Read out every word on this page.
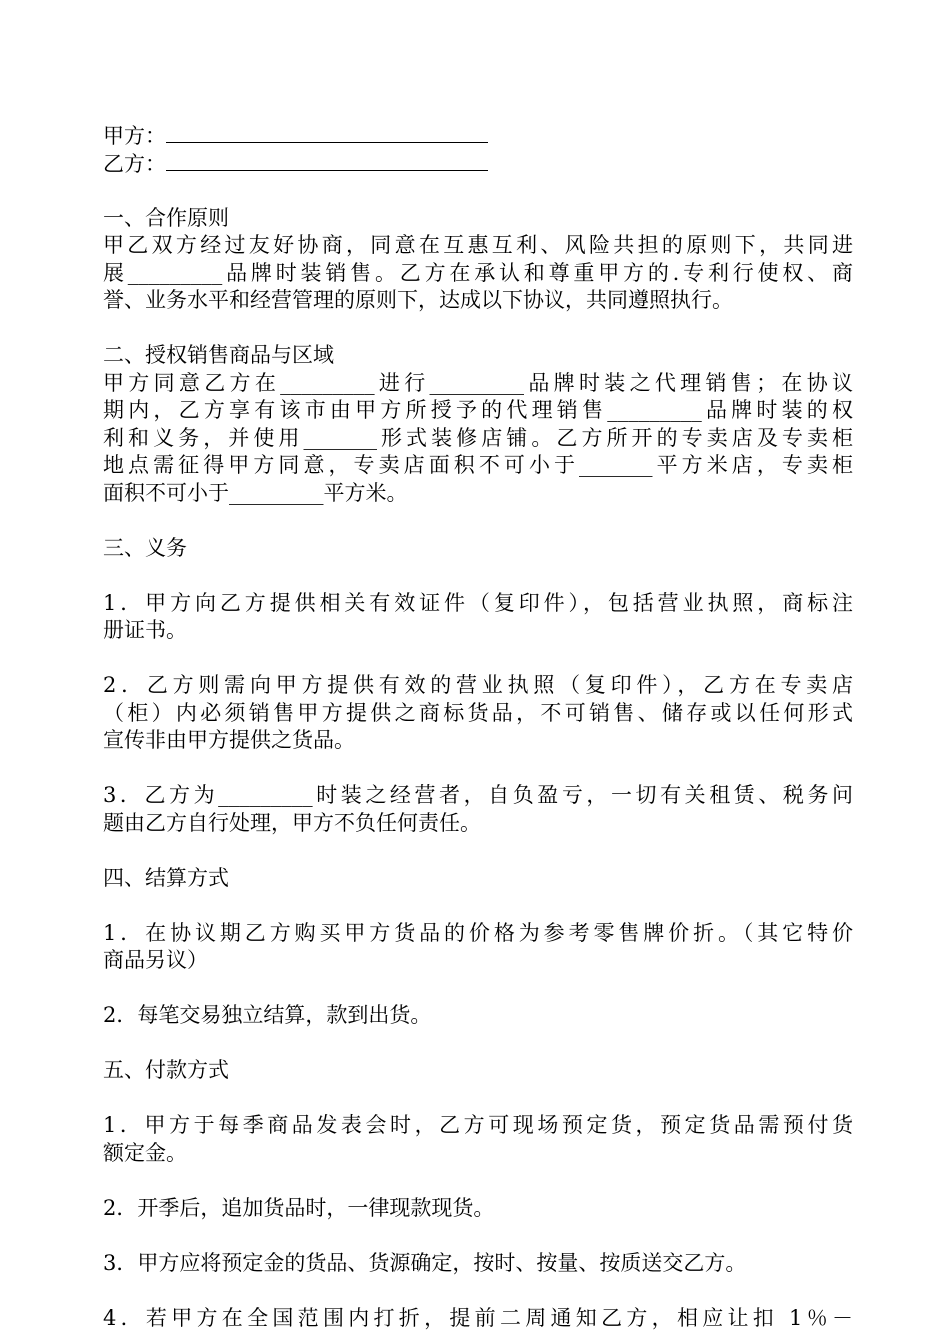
甲方：
乙方：
一、合作原则
甲乙双方经过友好协商，同意在互惠互利、风险共担的原则下，共同进
展_________品牌时装销售。乙方在承认和尊重甲方的.专利行使权、商
誉、业务水平和经营管理的原则下，达成以下协议，共同遵照执行。
二、授权销售商品与区域
甲方同意乙方在_________进行_________品牌时装之代理销售；在协议
期内，乙方享有该市由甲方所授予的代理销售_________品牌时装的权
利和义务，并使用_______形式装修店铺。乙方所开的专卖店及专卖柜
地点需征得甲方同意，专卖店面积不可小于_______平方米店，专卖柜
面积不可小于_________平方米。
三、义务
1．甲方向乙方提供相关有效证件（复印件），包括营业执照，商标注
册证书。
2．乙方则需向甲方提供有效的营业执照（复印件），乙方在专卖店
（柜）内必须销售甲方提供之商标货品，不可销售、储存或以任何形式
宣传非由甲方提供之货品。
3．乙方为_________时装之经营者，自负盈亏，一切有关租赁、税务问
题由乙方自行处理，甲方不负任何责任。
四、结算方式
1．在协议期乙方购买甲方货品的价格为参考零售牌价折。（其它特价
商品另议）
2．每笔交易独立结算，款到出货。
五、付款方式
1．甲方于每季商品发表会时，乙方可现场预定货，预定货品需预付货
额定金。
2．开季后，追加货品时，一律现款现货。
3．甲方应将预定金的货品、货源确定，按时、按量、按质送交乙方。
4．若甲方在全国范围内打折，提前二周通知乙方，相应让扣 1％－
